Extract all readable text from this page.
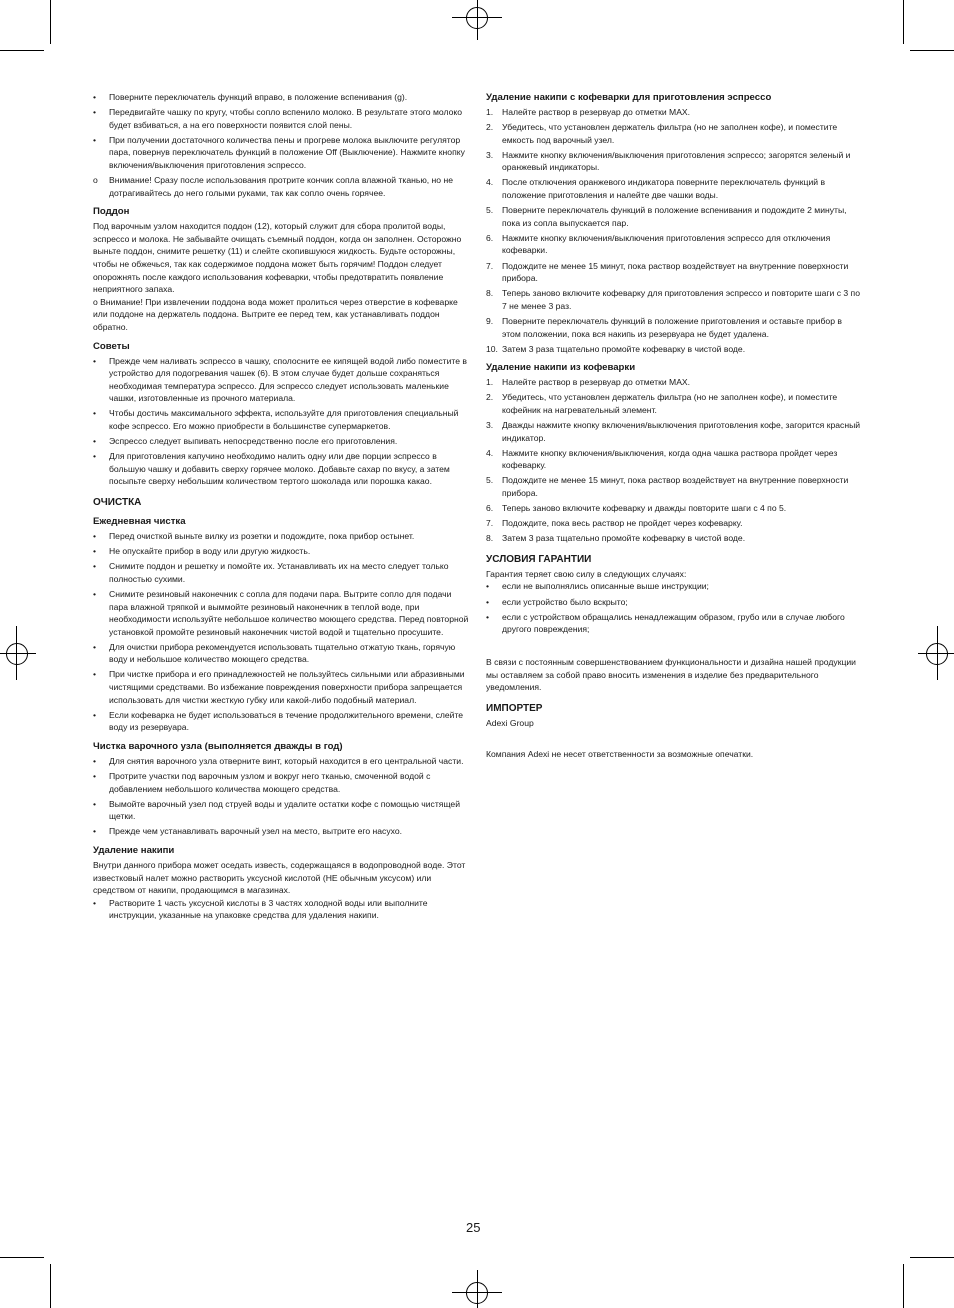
•	Поверните переключатель функций вправо, в положение вспенивания (g).
•	Передвигайте чашку по кругу, чтобы сопло вспенило молоко. В результате этого молоко будет взбиваться, а на его поверхности появится слой пены.
•	При получении достаточного количества пены и прогреве молока выключите регулятор пара, повернув переключатель функций в положение Off (Выключение). Нажмите кнопку включения/выключения приготовления эспрессо.
o	Внимание! Сразу после использования протрите кончик сопла влажной тканью, но не дотрагивайтесь до него голыми руками, так как сопло очень горячее.
Поддон

Под варочным узлом находится поддон (12), который служит для сбора пролитой воды, эспрессо и молока. Не забывайте очищать съемный поддон, когда он заполнен. Осторожно выньте поддон, снимите решетку (11) и слейте скопившуюся жидкость. Будьте осторожны, чтобы не обжечься, так как содержимое поддона может быть горячим! Поддон следует опорожнять после каждого использования кофеварки, чтобы предотвратить появление неприятного запаха.

o Внимание! При извлечении поддона вода может пролиться через отверстие в кофеварке или поддоне на держатель поддона. Вытрите ее перед тем, как устанавливать поддон обратно.

Советы
•	Прежде чем наливать эспрессо в чашку, сполосните ее кипящей водой либо поместите в устройство для подогревания чашек (6). В этом случае будет дольше сохраняться необходимая температура эспрессо. Для эспрессо следует использовать маленькие чашки, изготовленные из прочного материала.
•	Чтобы достичь максимального эффекта, используйте для приготовления специальный кофе эспрессо. Его можно приобрести в большинстве супермаркетов.
•	Эспрессо следует выпивать непосредственно после его приготовления.
•	Для приготовления капучино необходимо налить одну или две порции эспрессо в большую чашку и добавить сверху горячее молоко. Добавьте сахар по вкусу, а затем посыпьте сверху небольшим количеством тертого шоколада или порошка какао.
ОЧИСТКА
Ежедневная чистка
•	Перед очисткой выньте вилку из розетки и подождите, пока прибор остынет.
•	Не опускайте прибор в воду или другую жидкость.
•	Снимите поддон и решетку и помойте их. Устанавливать их на место следует только полностью сухими.
•	Снимите резиновый наконечник с сопла для подачи пара. Вытрите сопло для подачи пара влажной тряпкой и выммойте резиновый наконечник в теплой воде, при необходимости используйте небольшое количество моющего средства. Перед повторной установкой промойте резиновый наконечник чистой водой и тщательно просушите.
•	Для очистки прибора рекомендуется использовать тщательно отжатую ткань, горячую воду и небольшое количество моющего средства.
•	При чистке прибора и его принадлежностей не пользуйтесь сильными или абразивными чистящими средствами. Во избежание повреждения поверхности прибора запрещается использовать для чистки жесткую губку или какой-либо подобный материал.
•	Если кофеварка не будет использоваться в течение продолжительного времени, слейте воду из резервуара.
Чистка варочного узла (выполняется дважды в год)
•	Для снятия варочного узла отверните винт, который находится в его центральной части.
•	Протрите участки под варочным узлом и вокруг него тканью, смоченной водой с добавлением небольшого количества моющего средства.
•	Вымойте варочный узел под струей воды и удалите остатки кофе с помощью чистящей щетки.
•	Прежде чем устанавливать варочный узел на место, вытрите его насухо.
Удаление накипи

Внутри данного прибора может оседать известь, содержащаяся в водопроводной воде. Этот известковый налет можно растворить уксусной кислотой (НЕ обычным уксусом) или средством от накипи, продающимся в магазинах.

•	Растворите 1 часть уксусной кислоты в 3 частях холодной воды или выполните инструкции, указанные на упаковке средства для удаления накипи.
Удаление накипи с кофеварки для приготовления эспрессо
1.	Налейте раствор в резервуар до отметки MAX.
2.	Убедитесь, что установлен держатель фильтра (но не заполнен кофе), и поместите емкость под варочный узел.
3.	Нажмите кнопку включения/выключения приготовления эспрессо; загорятся зеленый и оранжевый индикаторы.
4.	После отключения оранжевого индикатора поверните переключатель функций в положение приготовления и налейте две чашки воды.
5.	Поверните переключатель функций в положение вспенивания и подождите 2 минуты, пока из сопла выпускается пар.
6.	Нажмите кнопку включения/выключения приготовления эспрессо для отключения кофеварки.
7.	Подождите не менее 15 минут, пока раствор воздействует на внутренние поверхности прибора.
8.	Теперь заново включите кофеварку для приготовления эспрессо и повторите шаги с 3 по 7 не менее 3 раз.
9.	Поверните переключатель функций в положение приготовления и оставьте прибор в этом положении, пока вся накипь из резервуара не будет удалена.
10. Затем 3 раза тщательно промойте кофеварку в чистой воде.
Удаление накипи из кофеварки
1.	Налейте раствор в резервуар до отметки MAX.
2.	Убедитесь, что установлен держатель фильтра (но не заполнен кофе), и поместите кофейник на нагревательный элемент.
3.	Дважды нажмите кнопку включения/выключения приготовления кофе, загорится красный индикатор.
4.	Нажмите кнопку включения/выключения, когда одна чашка раствора пройдет через кофеварку.
5.	Подождите не менее 15 минут, пока раствор воздействует на внутренние поверхности прибора.
6.	Теперь заново включите кофеварку и дважды повторите шаги с 4 по 5.
7.	Подождите, пока весь раствор не пройдет через кофеварку.
8.	Затем 3 раза тщательно промойте кофеварку в чистой воде.
УСЛОВИЯ ГАРАНТИИ

Гарантия теряет свою силу в следующих случаях:

•	если не выполнялись описанные выше инструкции;
•	если устройство было вскрыто;
•	если с устройством обращались ненадлежащим образом, грубо или в случае любого другого повреждения;

В связи с постоянным совершенствованием функциональности и дизайна нашей продукции мы оставляем за собой право вносить изменения в изделие без предварительного уведомления.

ИМПОРТЕР

Adexi Group

Компания Adexi не несет ответственности за возможные опечатки.

25
